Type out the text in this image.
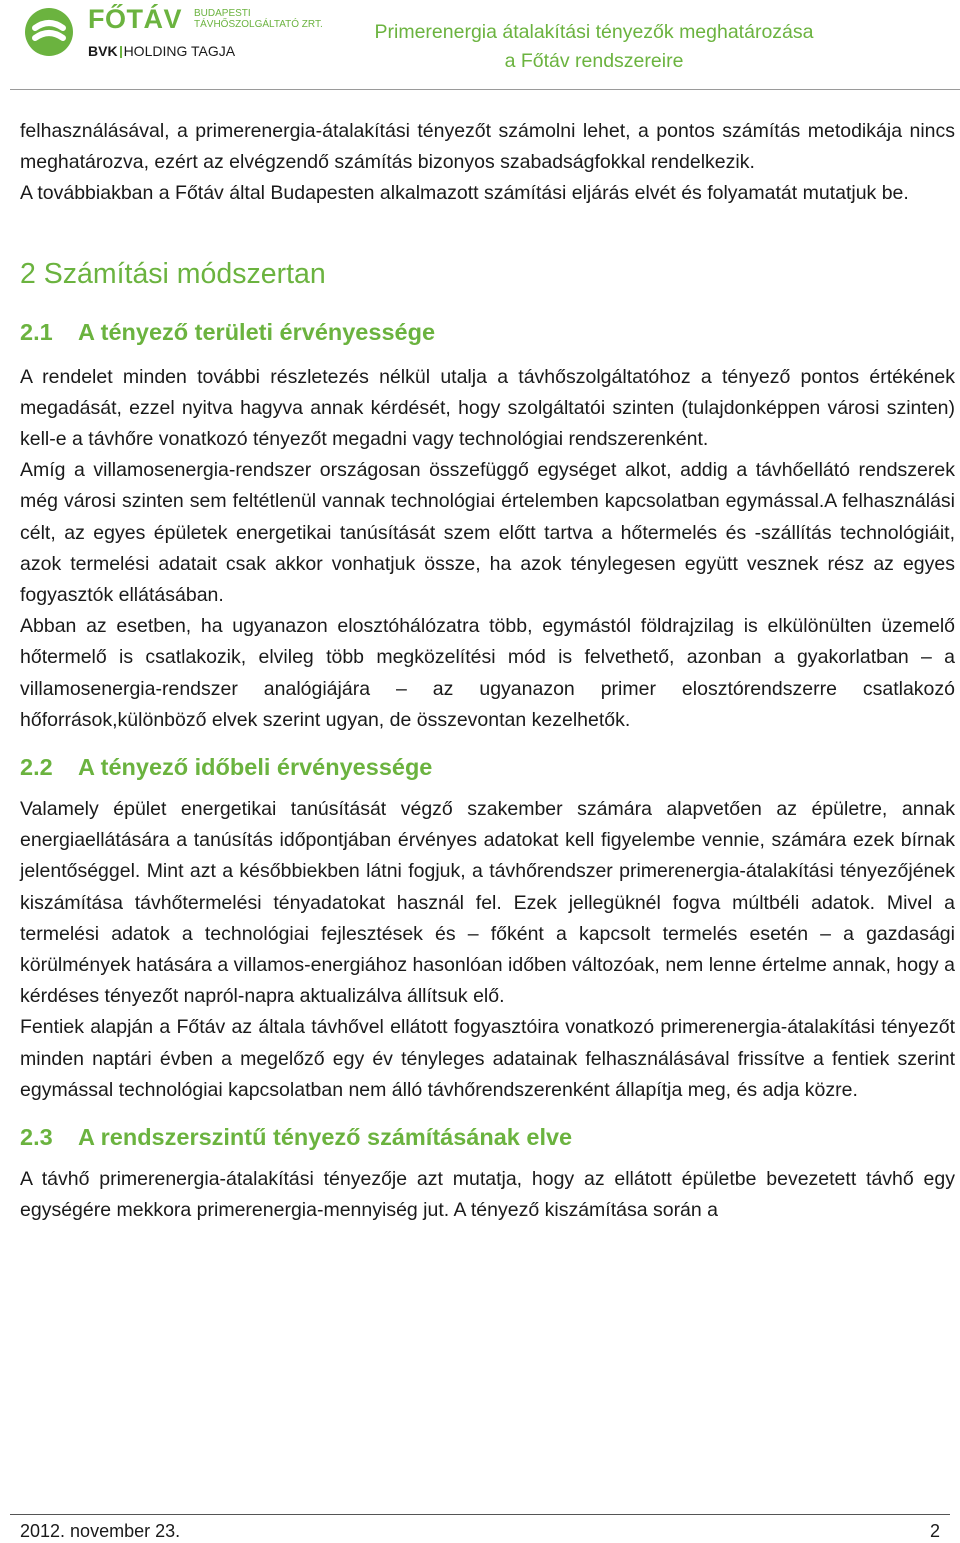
FŐTÁV BUDAPESTI
TÁVHŐSZOLGÁLTATÓ ZRT.
BVK HOLDING TAGJA
Primerenergia átalakítási tényezők meghatározása
a Főtáv rendszereire

felhasználásával, a primerenergia-átalakítási tényezőt számolni lehet, a pontos számítás metodikája nincs meghatározva, ezért az elvégzendő számítás bizonyos szabadságfokkal rendelkezik.

A továbbiakban a Főtáv által Budapesten alkalmazott számítási eljárás elvét és folyamatát mutatjuk be.

2 Számítási módszertan
2.1 A tényező területi érvényessége

A rendelet minden további részletezés nélkül utalja a távhőszolgáltatóhoz a tényező pontos értékének megadását, ezzel nyitva hagyva annak kérdését, hogy szolgáltatói szinten (tulajdonképpen városi szinten) kell-e a távhőre vonatkozó tényezőt megadni vagy technológiai rendszerenként.

Amíg a villamosenergia-rendszer országosan összefüggő egységet alkot, addig a távhőellátó rendszerek még városi szinten sem feltétlenül vannak technológiai értelemben kapcsolatban egymással.A felhasználási célt, az egyes épületek energetikai tanúsítását szem előtt tartva a hőtermelés és -szállítás technológiáit, azok termelési adatait csak akkor vonhatjuk össze, ha azok ténylegesen együtt vesznek rész az egyes fogyasztók ellátásában.

Abban az esetben, ha ugyanazon elosztóhálózatra több, egymástól földrajzilag is elkülönülten üzemelő hőtermelő is csatlakozik, elvileg több megközelítési mód is felvethető, azonban a gyakorlatban – a villamosenergia-rendszer analógiájára – az ugyanazon primer elosztórendszerre csatlakozó hőforrások,különböző elvek szerint ugyan, de összevontan kezelhetők.

2.2 A tényező időbeli érvényessége

Valamely épület energetikai tanúsítását végző szakember számára alapvetően az épületre, annak energiaellátására a tanúsítás időpontjában érvényes adatokat kell figyelembe vennie, számára ezek bírnak jelentőséggel. Mint azt a későbbiekben látni fogjuk, a távhőrendszer primerenergia-átalakítási tényezőjének kiszámítása távhőtermelési tényadatokat használ fel. Ezek jellegüknél fogva múltbéli adatok. Mivel a termelési adatok a technológiai fejlesztések és – főként a kapcsolt termelés esetén – a gazdasági körülmények hatására a villamos-energiához hasonlóan időben változóak, nem lenne értelme annak, hogy a kérdéses tényezőt napról-napra aktualizálva állítsuk elő.

Fentiek alapján a Főtáv az általa távhővel ellátott fogyasztóira vonatkozó primerenergia-átalakítási tényezőt minden naptári évben a megelőző egy év tényleges adatainak felhasználásával frissítve a fentiek szerint egymással technológiai kapcsolatban nem álló távhőrendszerenként állapítja meg, és adja közre.

2.3 A rendszerszintű tényező számításának elve

A távhő primerenergia-átalakítási tényezője azt mutatja, hogy az ellátott épületbe bevezetett távhő egy egységére mekkora primerenergia-mennyiség jut. A tényező kiszámítása során a

2012. november 23.	2
